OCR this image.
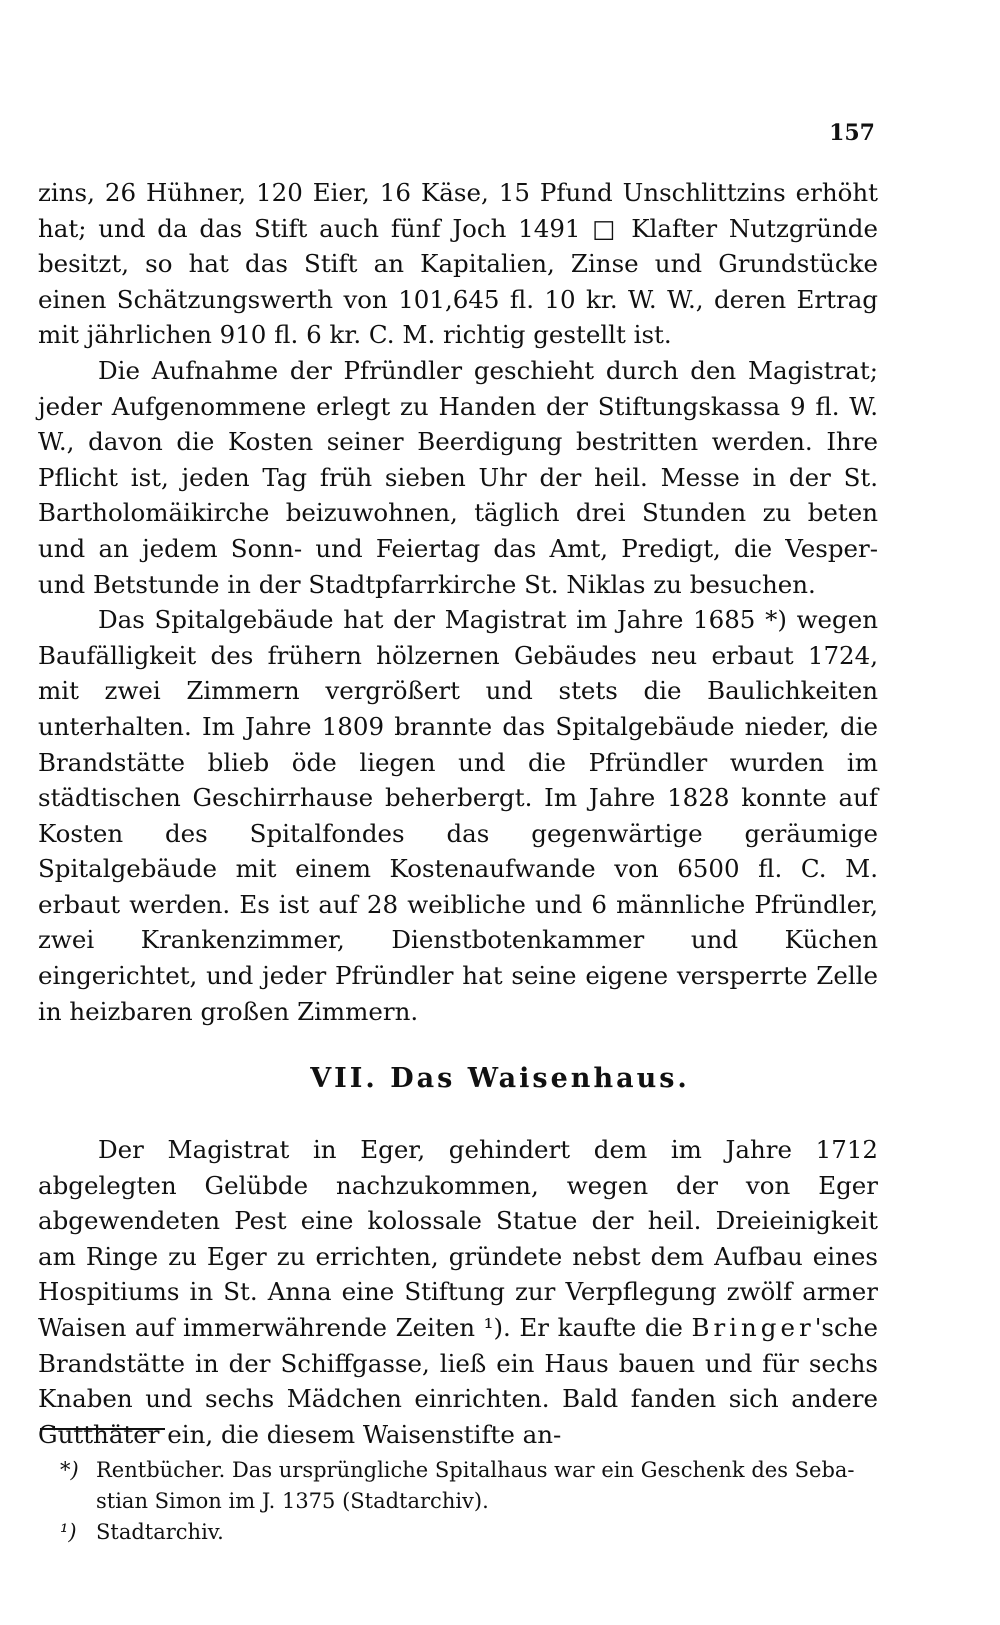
157

zins, 26 Hühner, 120 Eier, 16 Käse, 15 Pfund Unschlittzins erhöht hat; und da das Stift auch fünf Joch 1491 □ Klafter Nutzgründe besitzt, so hat das Stift an Kapitalien, Zinse und Grundstücke einen Schätzungswerth von 101,645 fl. 10 kr. W. W., deren Ertrag mit jährlichen 910 fl. 6 kr. C. M. richtig gestellt ist.

Die Aufnahme der Pfründler geschieht durch den Magistrat; jeder Aufgenommene erlegt zu Handen der Stiftungskassa 9 fl. W. W., davon die Kosten seiner Beerdigung bestritten werden. Ihre Pflicht ist, jeden Tag früh sieben Uhr der heil. Messe in der St. Bartholomäikirche beizuwohnen, täglich drei Stunden zu beten und an jedem Sonn- und Feiertag das Amt, Predigt, die Vesper- und Betstunde in der Stadtpfarrkirche St. Niklas zu besuchen.

Das Spitalgebäude hat der Magistrat im Jahre 1685 *) wegen Baufälligkeit des frühern hölzernen Gebäudes neu erbaut 1724, mit zwei Zimmern vergrößert und stets die Baulichkeiten unterhalten. Im Jahre 1809 brannte das Spitalgebäude nieder, die Brandstätte blieb öde liegen und die Pfründler wurden im städtischen Geschirrhause beherbergt. Im Jahre 1828 konnte auf Kosten des Spitalfondes das gegenwärtige geräumige Spitalgebäude mit einem Kostenaufwande von 6500 fl. C. M. erbaut werden. Es ist auf 28 weibliche und 6 männliche Pfründler, zwei Krankenzimmer, Dienstbotenkammer und Küchen eingerichtet, und jeder Pfründler hat seine eigene versperrte Zelle in heizbaren großen Zimmern.

VII. Das Waisenhaus.

Der Magistrat in Eger, gehindert dem im Jahre 1712 abgelegten Gelübde nachzukommen, wegen der von Eger abgewendeten Pest eine kolossale Statue der heil. Dreieinigkeit am Ringe zu Eger zu errichten, gründete nebst dem Aufbau eines Hospitiums in St. Anna eine Stiftung zur Verpflegung zwölf armer Waisen auf immerwährende Zeiten ¹). Er kaufte die Bringer'sche Brandstätte in der Schiffgasse, ließ ein Haus bauen und für sechs Knaben und sechs Mädchen einrichten. Bald fanden sich andere Gutthäter ein, die diesem Waisenstifte an-

*) Rentbücher. Das ursprüngliche Spitalhaus war ein Geschenk des Seba-

stian Simon im J. 1375 (Stadtarchiv).

¹) Stadtarchiv.
